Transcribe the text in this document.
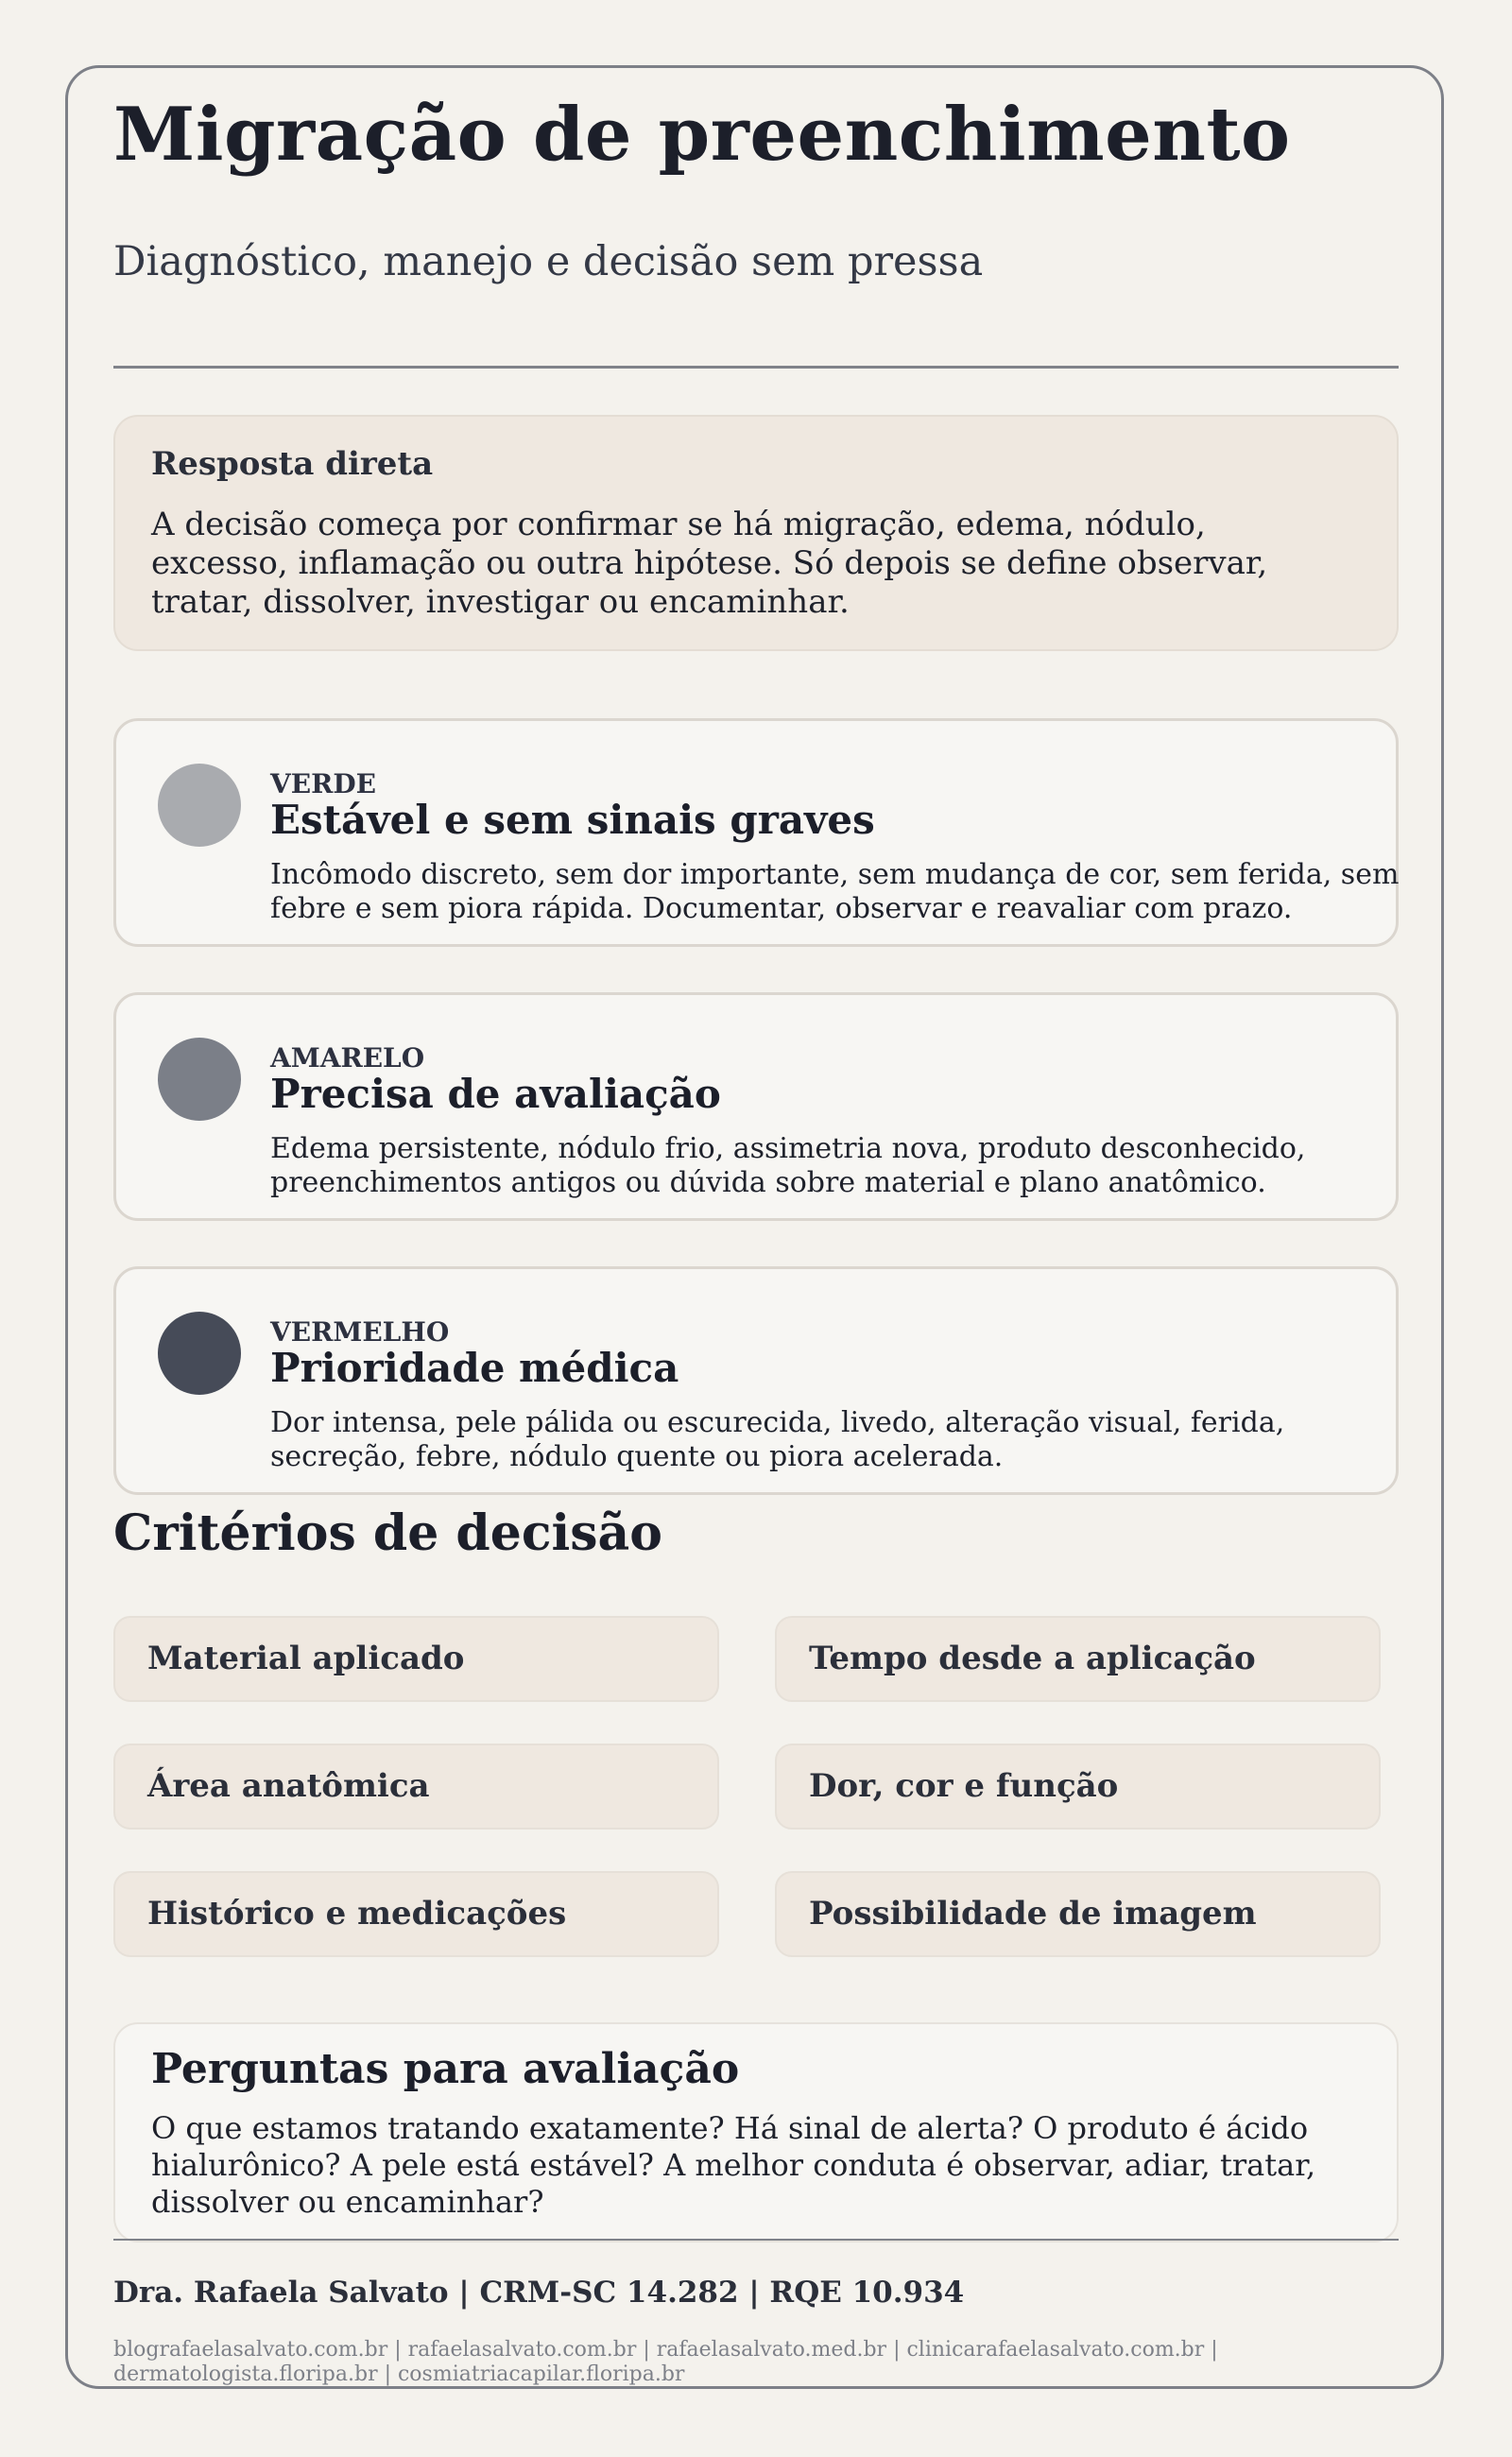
Migração de preenchimento

Diagnóstico, manejo e decisão sem pressa

Resposta direta

A decisão começa por confirmar se há migração, edema, nódulo, excesso, inflamação ou outra hipótese. Só depois se define observar, tratar, dissolver, investigar ou encaminhar.

VERDE
Estável e sem sinais graves
Incômodo discreto, sem dor importante, sem mudança de cor, sem ferida, sem febre e sem piora rápida. Documentar, observar e reavaliar com prazo.
AMARELO
Precisa de avaliação
Edema persistente, nódulo frio, assimetria nova, produto desconhecido, preenchimentos antigos ou dúvida sobre material e plano anatômico.
VERMELHO
Prioridade médica
Dor intensa, pele pálida ou escurecida, livedo, alteração visual, ferida, secreção, febre, nódulo quente ou piora acelerada.
Critérios de decisão
Material aplicado	Tempo desde a aplicação
Área anatômica	Dor, cor e função
Histórico e medicações	Possibilidade de imagem

Perguntas para avaliação

O que estamos tratando exatamente? Há sinal de alerta? O produto é ácido hialurônico? A pele está estável? A melhor conduta é observar, adiar, tratar, dissolver ou encaminhar?

Dra. Rafaela Salvato | CRM-SC 14.282 | RQE 10.934
blografaelasalvato.com.br | rafaelasalvato.com.br | rafaelasalvato.med.br | clinicarafaelasalvato.com.br | dermatologista.floripa.br | cosmiatriacapilar.floripa.br
